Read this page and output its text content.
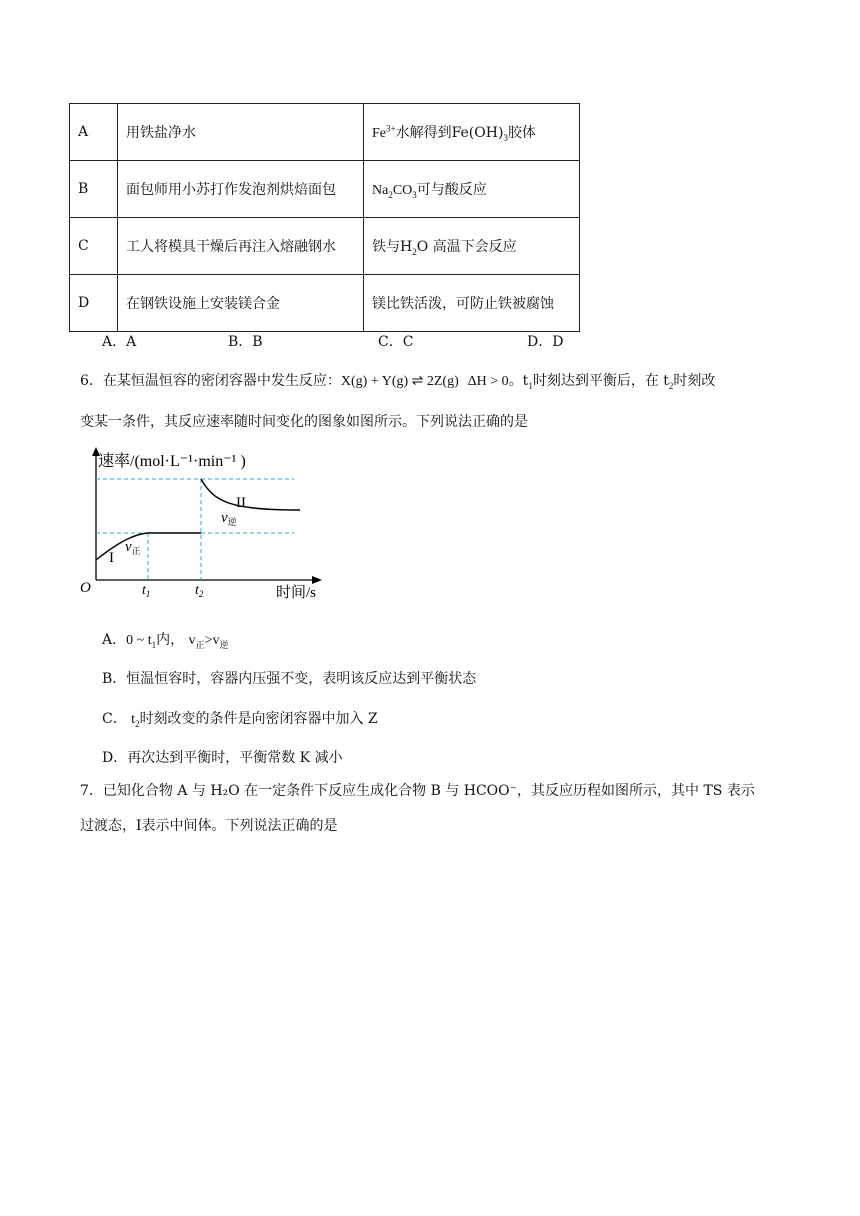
A	用铁盐净水	$Fe^{3+}$水解得到$Fe(OH)_3$胶体
B	面包师用小苏打作发泡剂烘焙面包	$Na_2CO_3$可与酸反应
C	工人将模具干燥后再注入熔融钢水	铁与$H_2O$ 高温下会反应
D	在钢铁设施上安装镁合金	镁比铁活泼，可防止铁被腐蚀
A．A	B．B	C．C	D．D
6．在某恒温恒容的密闭容器中发生反应：X(g) + Y(g) ⇌ 2Z(g) ΔH > 0。$t_1$时刻达到平衡后，在 $t_2$时刻改
变某一条件，其反应速率随时间变化的图象如图所示。下列说法正确的是
速率/(mol·L⁻¹·min⁻¹ )
时间/s
O	$t_1$	$t_2$
I
II
$v_正$
$v_逆$
A．0 ~ $t_1$内， $v_正>v_逆$
B．恒温恒容时，容器内压强不变，表明该反应达到平衡状态
C． $t_2$时刻改变的条件是向密闭容器中加入 Z
D．再次达到平衡时，平衡常数 K 减小
7．已知化合物 A 与 H₂O 在一定条件下反应生成化合物 B 与 HCOO⁻，其反应历程如图所示，其中 TS 表示
过渡态，Ⅰ表示中间体。下列说法正确的是
